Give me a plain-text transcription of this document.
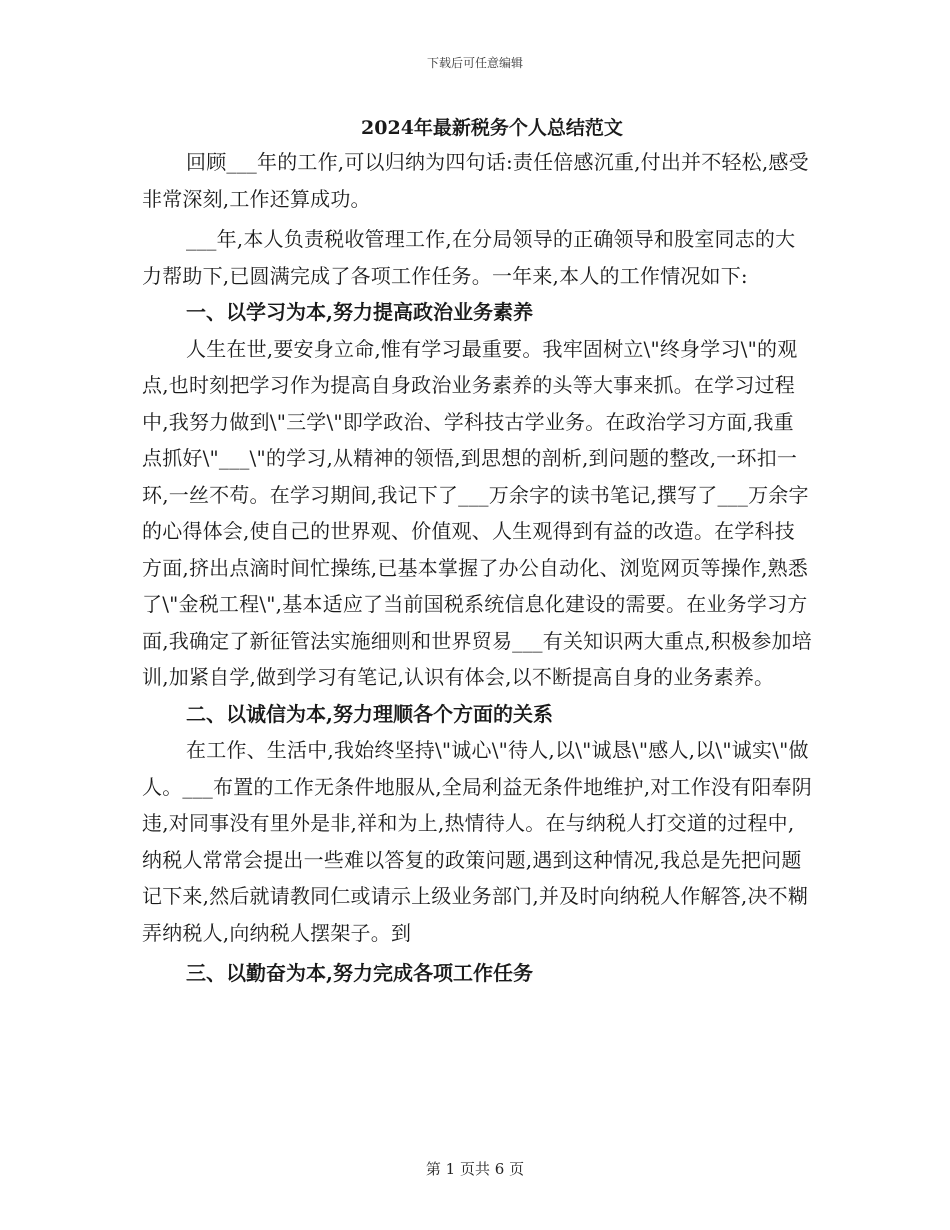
下载后可任意编辑

2024年最新税务个人总结范文

回顾___年的工作,可以归纳为四句话:责任倍感沉重,付出并不轻松,感受非常深刻,工作还算成功。

___年,本人负责税收管理工作,在分局领导的正确领导和股室同志的大力帮助下,已圆满完成了各项工作任务。一年来,本人的工作情况如下:

一、以学习为本,努力提高政治业务素养

人生在世,要安身立命,惟有学习最重要。我牢固树立\"终身学习\"的观点,也时刻把学习作为提高自身政治业务素养的头等大事来抓。在学习过程中,我努力做到\"三学\"即学政治、学科技古学业务。在政治学习方面,我重点抓好\"___\"的学习,从精神的领悟,到思想的剖析,到问题的整改,一环扣一环,一丝不苟。在学习期间,我记下了___万余字的读书笔记,撰写了___万余字的心得体会,使自己的世界观、价值观、人生观得到有益的改造。在学科技方面,挤出点滴时间忙操练,已基本掌握了办公自动化、浏览网页等操作,熟悉了\"金税工程\",基本适应了当前国税系统信息化建设的需要。在业务学习方面,我确定了新征管法实施细则和世界贸易___有关知识两大重点,积极参加培训,加紧自学,做到学习有笔记,认识有体会,以不断提高自身的业务素养。

二、以诚信为本,努力理顺各个方面的关系

在工作、生活中,我始终坚持\"诚心\"待人,以\"诚恳\"感人,以\"诚实\"做人。___布置的工作无条件地服从,全局利益无条件地维护,对工作没有阳奉阴违,对同事没有里外是非,祥和为上,热情待人。在与纳税人打交道的过程中,纳税人常常会提出一些难以答复的政策问题,遇到这种情况,我总是先把问题记下来,然后就请教同仁或请示上级业务部门,并及时向纳税人作解答,决不糊弄纳税人,向纳税人摆架子。到

三、以勤奋为本,努力完成各项工作任务

第 1 页共 6 页
